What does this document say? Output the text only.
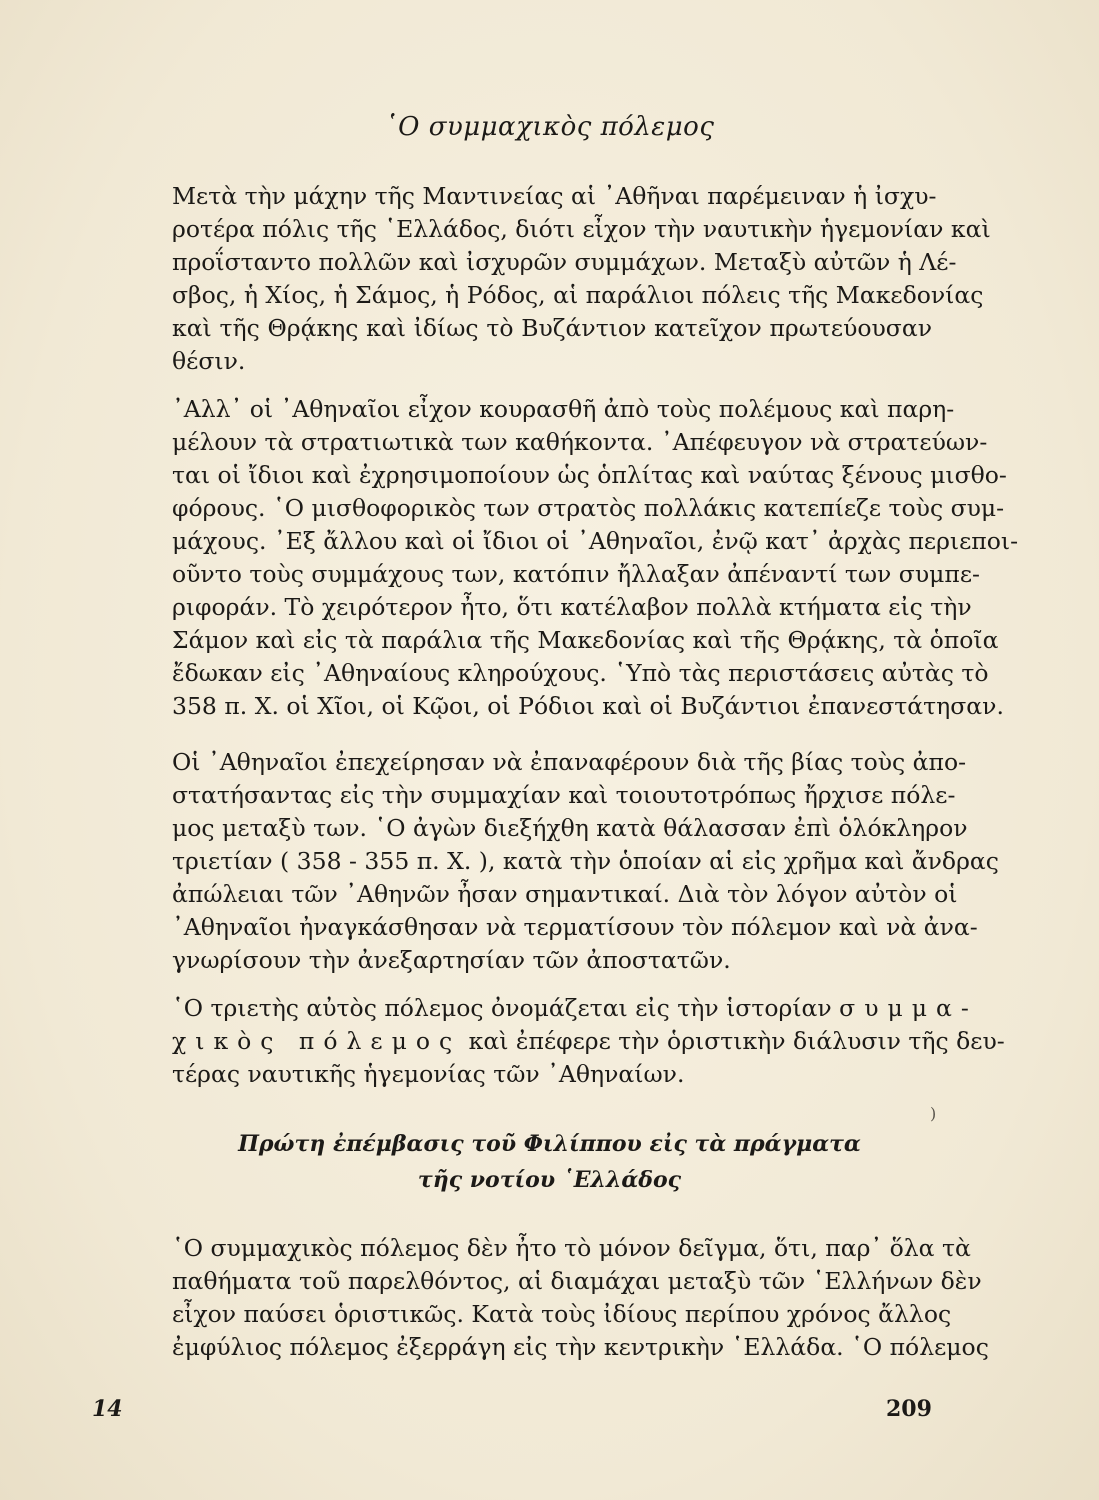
῾Ο συμμαχικὸς πόλεμος
Μετὰ τὴν μάχην τῆς Μαντινείας αἱ ᾽Αθῆναι παρέμειναν ἡ ἰσχυ-
ροτέρα πόλις τῆς ῾Ελλάδος, διότι εἶχον τὴν ναυτικὴν ἡγεμονίαν καὶ
προΐσταντο πολλῶν καὶ ἰσχυρῶν συμμάχων. Μεταξὺ αὐτῶν ἡ Λέ-
σβος, ἡ Χίος, ἡ Σάμος, ἡ Ρόδος, αἱ παράλιοι πόλεις τῆς Μακεδονίας
καὶ τῆς Θρᾴκης καὶ ἰδίως τὸ Βυζάντιον κατεῖχον πρωτεύουσαν
θέσιν.
᾽Αλλ᾽ οἱ ᾽Αθηναῖοι εἶχον κουρασθῆ ἀπὸ τοὺς πολέμους καὶ παρη-
μέλουν τὰ στρατιωτικὰ των καθήκοντα. ᾽Απέφευγον νὰ στρατεύων-
ται οἱ ἴδιοι καὶ ἐχρησιμοποίουν ὡς ὁπλίτας καὶ ναύτας ξένους μισθο-
φόρους. ῾Ο μισθοφορικὸς των στρατὸς πολλάκις κατεπίεζε τοὺς συμ-
μάχους. ᾽Εξ ἄλλου καὶ οἱ ἴδιοι οἱ ᾽Αθηναῖοι, ἐνῷ κατ᾽ ἀρχὰς περιεποι-
οῦντο τοὺς συμμάχους των, κατόπιν ἤλλαξαν ἀπέναντί των συμπε-
ριφοράν. Τὸ χειρότερον ἦτο, ὅτι κατέλαβον πολλὰ κτήματα εἰς τὴν
Σάμον καὶ εἰς τὰ παράλια τῆς Μακεδονίας καὶ τῆς Θρᾴκης, τὰ ὁποῖα
ἔδωκαν εἰς ᾽Αθηναίους κληρούχους. ῾Υπὸ τὰς περιστάσεις αὐτὰς τὸ
358 π. Χ. οἱ Χῖοι, οἱ Κῷοι, οἱ Ρόδιοι καὶ οἱ Βυζάντιοι ἐπανεστάτησαν.
Οἱ ᾽Αθηναῖοι ἐπεχείρησαν νὰ ἐπαναφέρουν διὰ τῆς βίας τοὺς ἀπο-
στατήσαντας εἰς τὴν συμμαχίαν καὶ τοιουτοτρόπως ἤρχισε πόλε-
μος μεταξὺ των. ῾Ο ἀγὼν διεξήχθη κατὰ θάλασσαν ἐπὶ ὁλόκληρον
τριετίαν ( 358 - 355 π. Χ. ), κατὰ τὴν ὁποίαν αἱ εἰς χρῆμα καὶ ἄνδρας
ἀπώλειαι τῶν ᾽Αθηνῶν ἦσαν σημαντικαί. Διὰ τὸν λόγον αὐτὸν οἱ
᾽Αθηναῖοι ἠναγκάσθησαν νὰ τερματίσουν τὸν πόλεμον καὶ νὰ ἀνα-
γνωρίσουν τὴν ἀνεξαρτησίαν τῶν ἀποστατῶν.
῾Ο τριετὴς αὐτὸς πόλεμος ὀνομάζεται εἰς τὴν ἱστορίαν συμμα-
χικὸς πόλεμος καὶ ἐπέφερε τὴν ὁριστικὴν διάλυσιν τῆς δευ-
τέρας ναυτικῆς ἡγεμονίας τῶν ᾽Αθηναίων.
)
Πρώτη ἐπέμβασις τοῦ Φιλίππου εἰς τὰ πράγματα
τῆς νοτίου ῾Ελλάδος
῾Ο συμμαχικὸς πόλεμος δὲν ἦτο τὸ μόνον δεῖγμα, ὅτι, παρ᾽ ὅλα τὰ
παθήματα τοῦ παρελθόντος, αἱ διαμάχαι μεταξὺ τῶν ῾Ελλήνων δὲν
εἶχον παύσει ὁριστικῶς. Κατὰ τοὺς ἰδίους περίπου χρόνος ἄλλος
ἐμφύλιος πόλεμος ἐξερράγη εἰς τὴν κεντρικὴν ῾Ελλάδα. ῾Ο πόλεμος
14	209
